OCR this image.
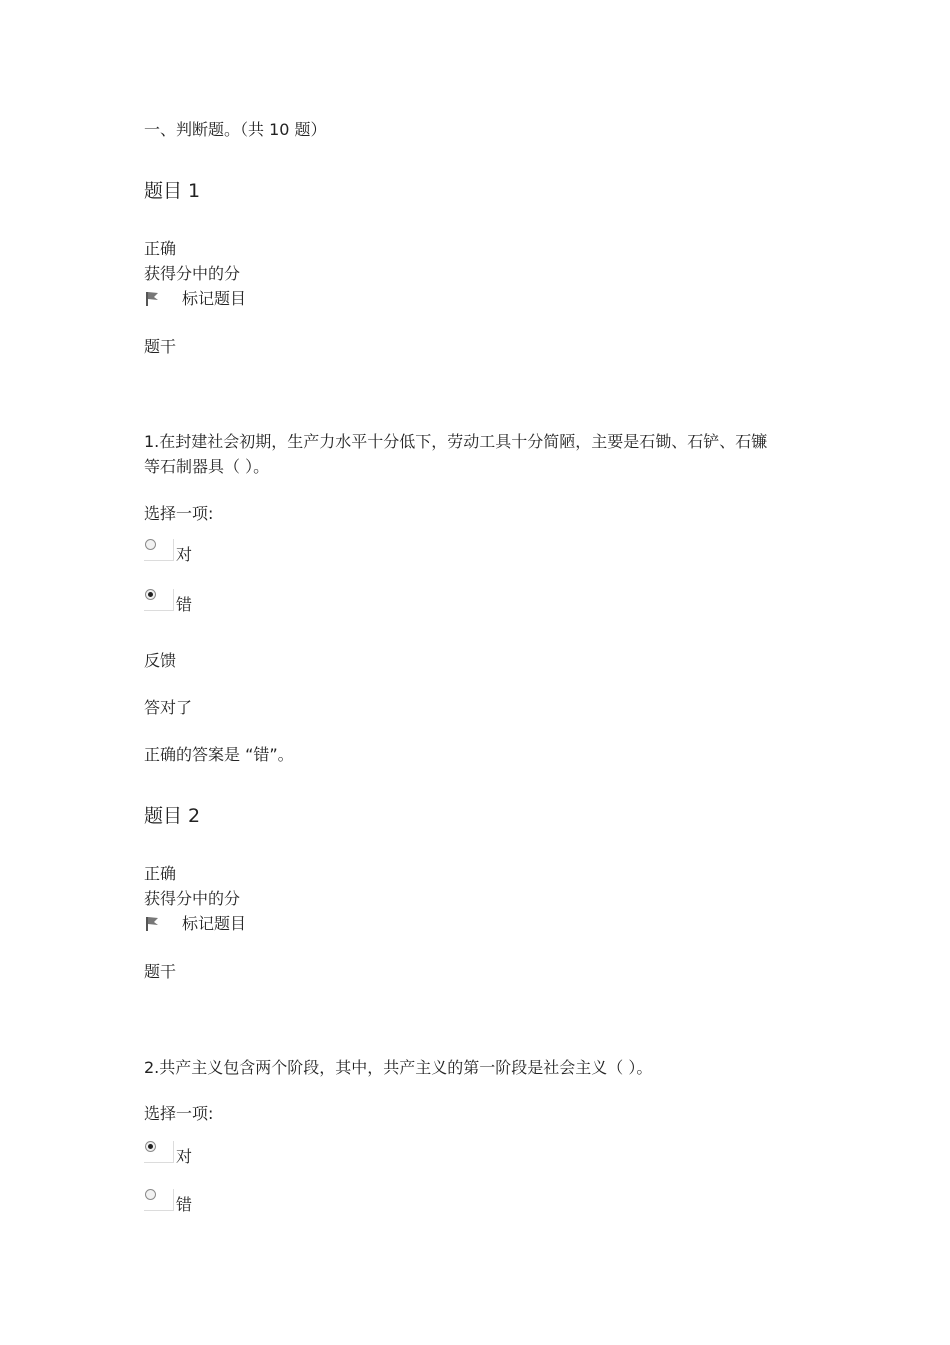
一、判断题。（共 10 题）
题目 1
正确
获得分中的分
标记题目
题干
1.在封建社会初期，生产力水平十分低下，劳动工具十分简陋，主要是石锄、石铲、石镰等石制器具（ ）。
选择一项:
对
错
反馈
答对了
正确的答案是 “错”。
题目 2
正确
获得分中的分
标记题目
题干
2.共产主义包含两个阶段，其中，共产主义的第一阶段是社会主义（ ）。
选择一项:
对
错
